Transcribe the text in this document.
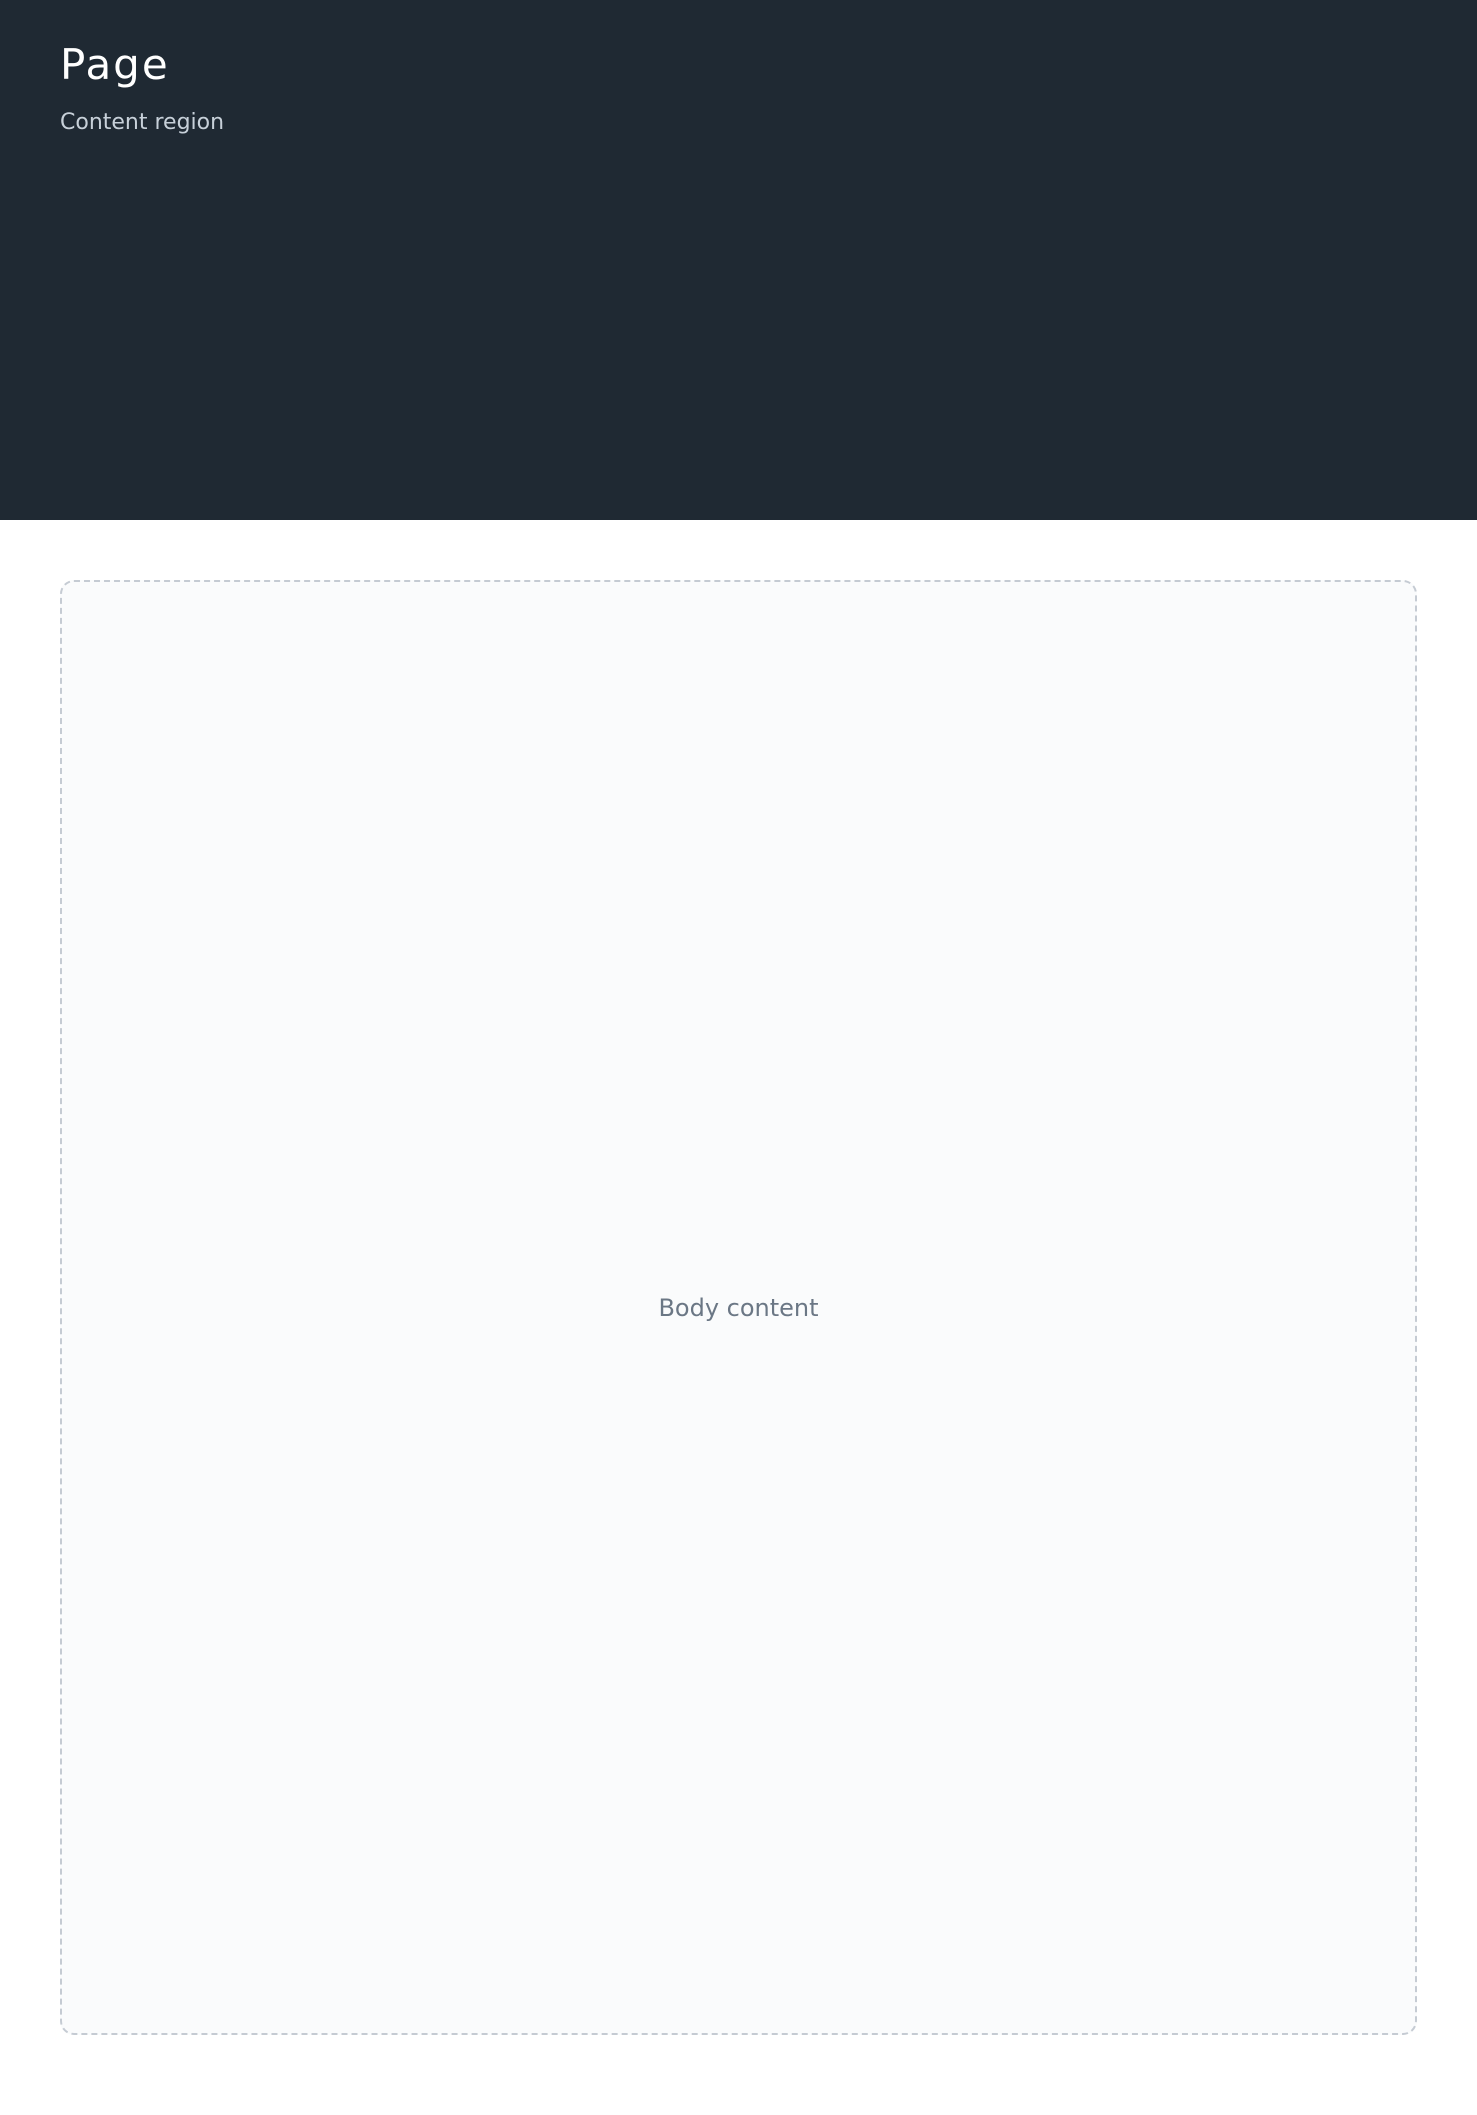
Page
Content region
Body content
